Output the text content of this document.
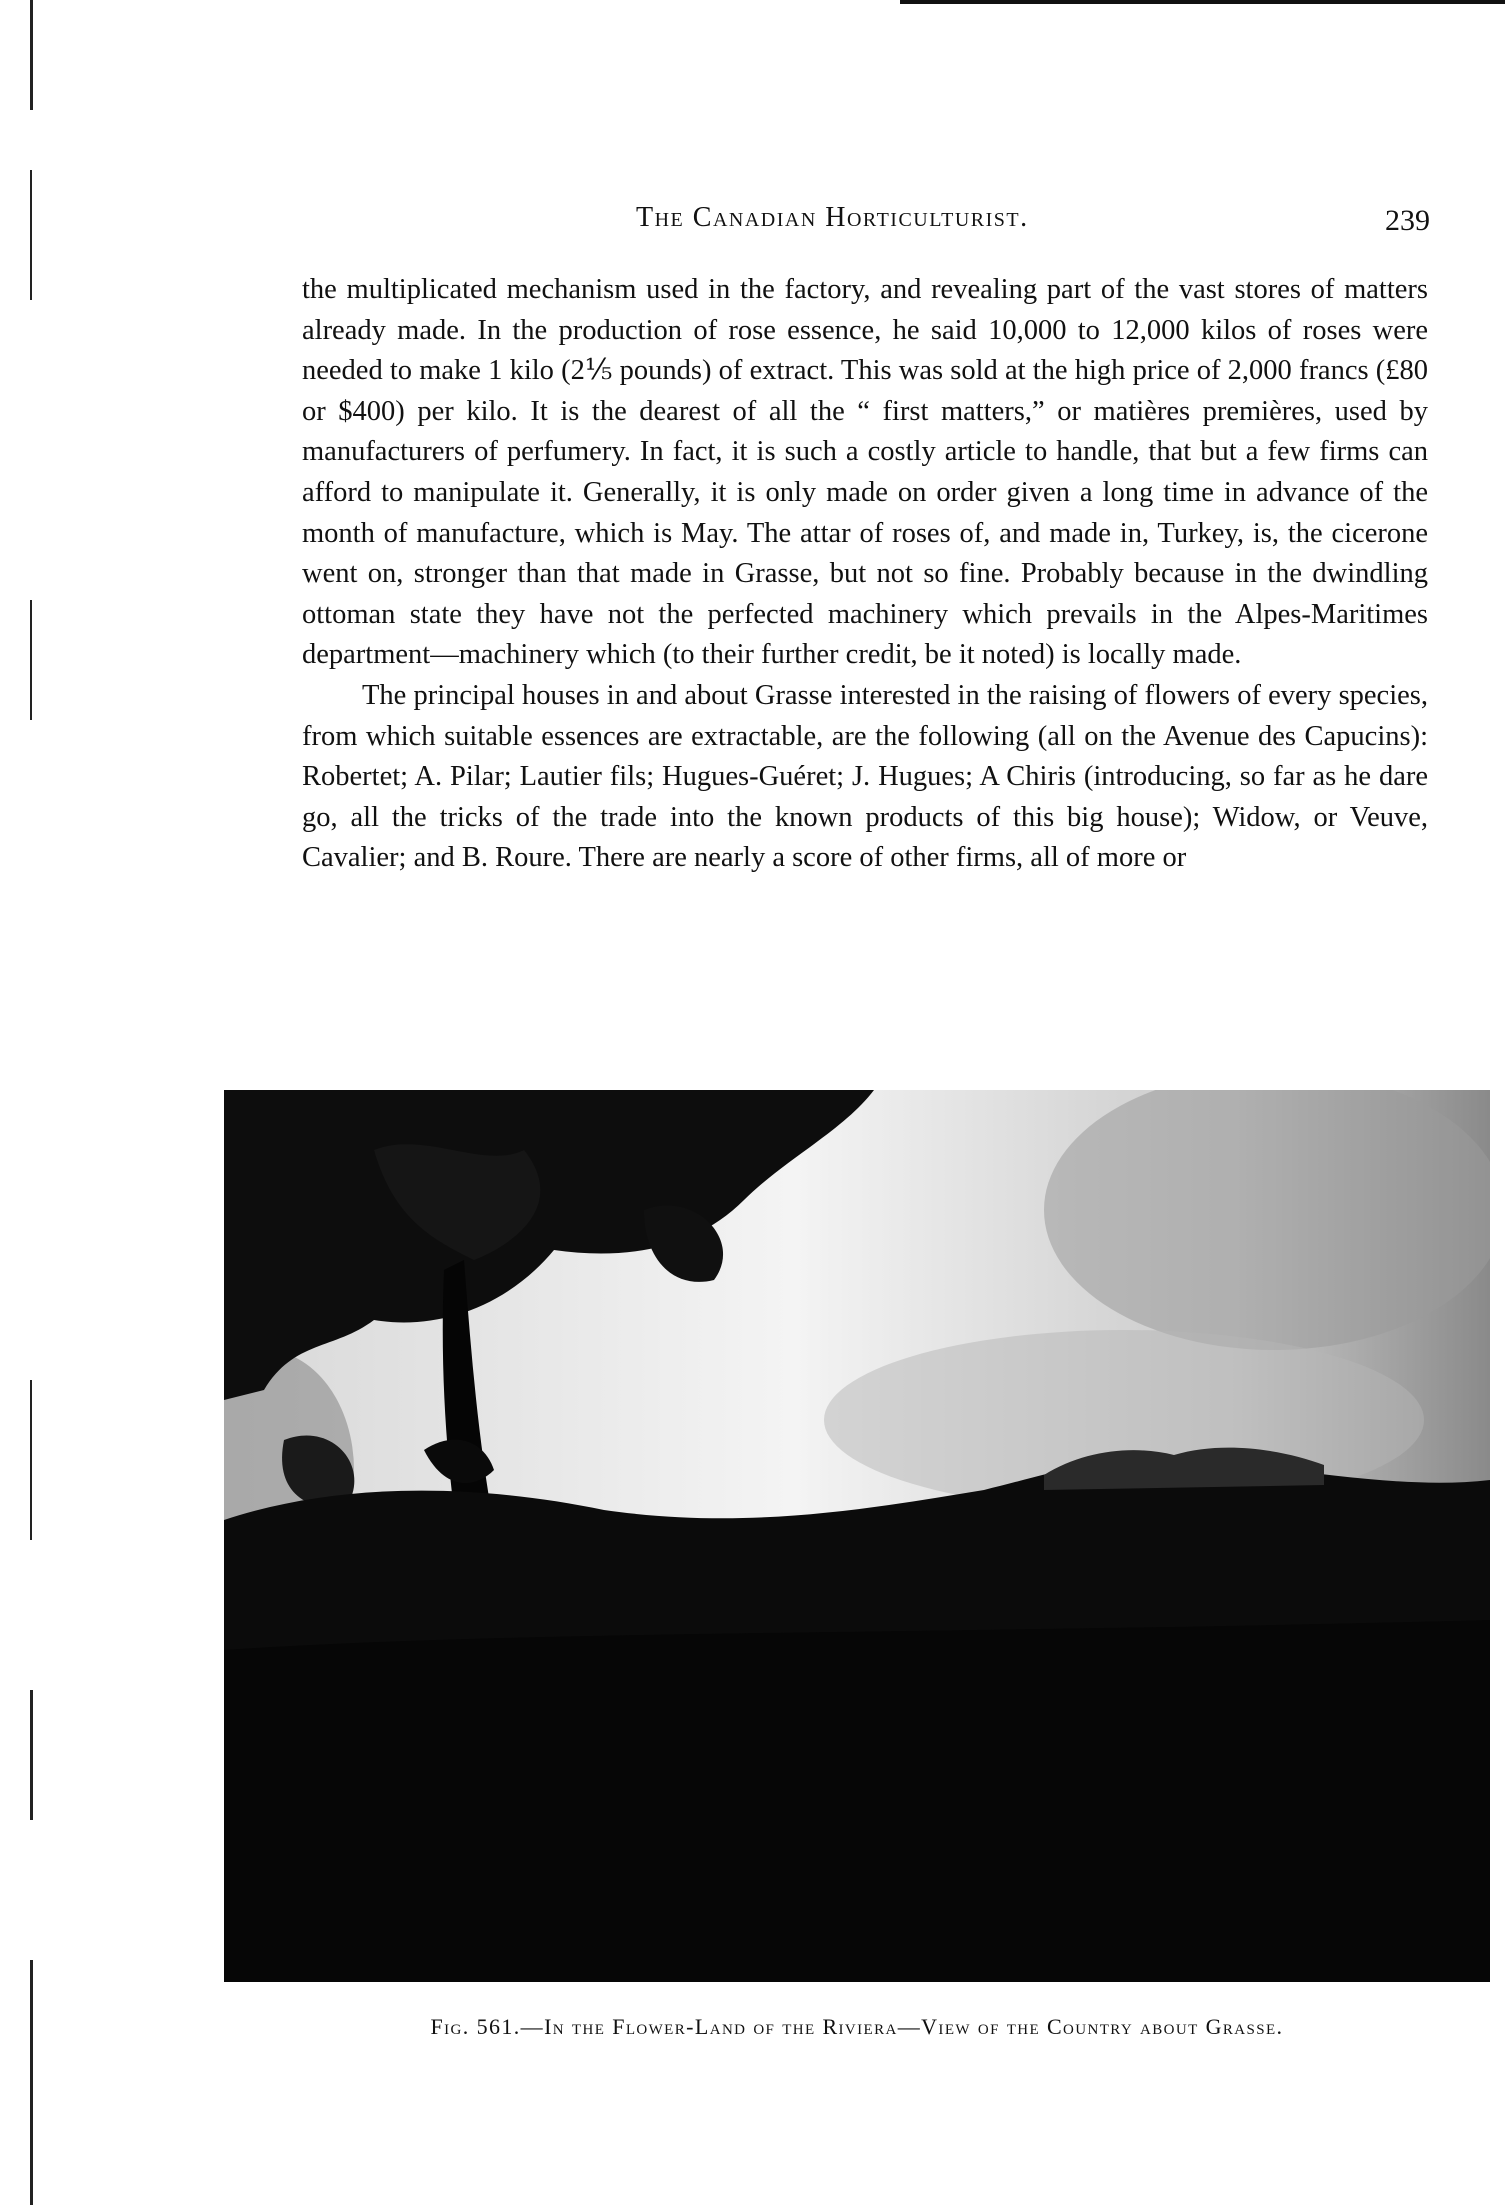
The Canadian Horticulturist.	239

the multiplicated mechanism used in the factory, and revealing part of the vast stores of matters already made. In the production of rose essence, he said 10,000 to 12,000 kilos of roses were needed to make 1 kilo (2⅕ pounds) of extract. This was sold at the high price of 2,000 francs (£80 or $400) per kilo. It is the dearest of all the “ first matters,” or matières premières, used by manufacturers of perfumery. In fact, it is such a costly article to handle, that but a few firms can afford to manipulate it. Generally, it is only made on order given a long time in advance of the month of manufacture, which is May. The attar of roses of, and made in, Turkey, is, the cicerone went on, stronger than that made in Grasse, but not so fine. Probably because in the dwindling ottoman state they have not the perfected machinery which prevails in the Alpes-Maritimes department—machinery which (to their further credit, be it noted) is locally made.

The principal houses in and about Grasse interested in the raising of flowers of every species, from which suitable essences are extractable, are the following (all on the Avenue des Capucins): Robertet; A. Pilar; Lautier fils; Hugues-Guéret; J. Hugues; A Chiris (introducing, so far as he dare go, all the tricks of the trade into the known products of this big house); Widow, or Veuve, Cavalier; and B. Roure. There are nearly a score of other firms, all of more or

Fig. 561.—In the Flower-Land of the Riviera—View of the Country about Grasse.
